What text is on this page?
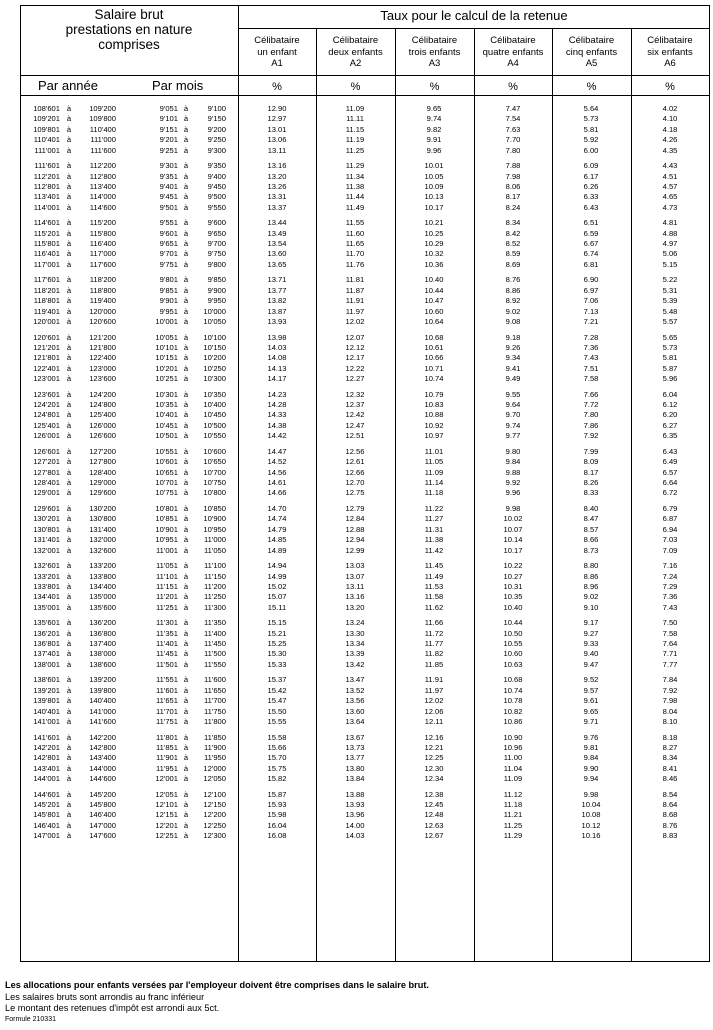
Salaire brut
prestations en nature
comprises
Taux pour le calcul de la retenue
Célibataire
un enfant
A1
Célibataire
deux enfants
A2
Célibataire
trois enfants
A3
Célibataire
quatre enfants
A4
Célibataire
cinq enfants
A5
Célibataire
six enfants
A6
Par année	Par mois	%	%	%	%	%	%
108'601 à	109'200	9'051 à	9'100	12.90	11.09	9.65	7.47	5.64	4.02
109'201 à	109'800	9'101 à	9'150	12.97	11.11	9.74	7.54	5.73	4.10
109'801 à	110'400	9'151 à	9'200	13.01	11.15	9.82	7.63	5.81	4.18
110'401 à	111'000	9'201 à	9'250	13.06	11.19	9.91	7.70	5.92	4.26
111'001 à	111'600	9'251 à	9'300	13.11	11.25	9.96	7.80	6.00	4.35
111'601 à	112'200	9'301 à	9'350	13.16	11.29	10.01	7.88	6.09	4.43
112'201 à	112'800	9'351 à	9'400	13.20	11.34	10.05	7.98	6.17	4.51
112'801 à	113'400	9'401 à	9'450	13.26	11.38	10.09	8.06	6.26	4.57
113'401 à	114'000	9'451 à	9'500	13.31	11.44	10.13	8.17	6.33	4.65
114'001 à	114'600	9'501 à	9'550	13.37	11.49	10.17	8.24	6.43	4.73
114'601 à	115'200	9'551 à	9'600	13.44	11.55	10.21	8.34	6.51	4.81
115'201 à	115'800	9'601 à	9'650	13.49	11.60	10.25	8.42	6.59	4.88
115'801 à	116'400	9'651 à	9'700	13.54	11.65	10.29	8.52	6.67	4.97
116'401 à	117'000	9'701 à	9'750	13.60	11.70	10.32	8.59	6.74	5.06
117'001 à	117'600	9'751 à	9'800	13.65	11.76	10.36	8.69	6.81	5.15
117'601 à	118'200	9'801 à	9'850	13.71	11.81	10.40	8.76	6.90	5.22
118'201 à	118'800	9'851 à	9'900	13.77	11.87	10.44	8.86	6.97	5.31
118'801 à	119'400	9'901 à	9'950	13.82	11.91	10.47	8.92	7.06	5.39
119'401 à	120'000	9'951 à	10'000	13.87	11.97	10.60	9.02	7.13	5.48
120'001 à	120'600	10'001 à	10'050	13.93	12.02	10.64	9.08	7.21	5.57
120'601 à	121'200	10'051 à	10'100	13.98	12.07	10.68	9.18	7.28	5.65
121'201 à	121'800	10'101 à	10'150	14.03	12.12	10.61	9.26	7.36	5.73
121'801 à	122'400	10'151 à	10'200	14.08	12.17	10.66	9.34	7.43	5.81
122'401 à	123'000	10'201 à	10'250	14.13	12.22	10.71	9.41	7.51	5.87
123'001 à	123'600	10'251 à	10'300	14.17	12.27	10.74	9.49	7.58	5.96
123'601 à	124'200	10'301 à	10'350	14.23	12.32	10.79	9.55	7.66	6.04
124'201 à	124'800	10'351 à	10'400	14.28	12.37	10.83	9.64	7.72	6.12
124'801 à	125'400	10'401 à	10'450	14.33	12.42	10.88	9.70	7.80	6.20
125'401 à	126'000	10'451 à	10'500	14.38	12.47	10.92	9.74	7.86	6.27
126'001 à	126'600	10'501 à	10'550	14.42	12.51	10.97	9.77	7.92	6.35
126'601 à	127'200	10'551 à	10'600	14.47	12.56	11.01	9.80	7.99	6.43
127'201 à	127'800	10'601 à	10'650	14.52	12.61	11.05	9.84	8.09	6.49
127'801 à	128'400	10'651 à	10'700	14.56	12.66	11.09	9.88	8.17	6.57
128'401 à	129'000	10'701 à	10'750	14.61	12.70	11.14	9.92	8.26	6.64
129'001 à	129'600	10'751 à	10'800	14.66	12.75	11.18	9.96	8.33	6.72
129'601 à	130'200	10'801 à	10'850	14.70	12.79	11.22	9.98	8.40	6.79
130'201 à	130'800	10'851 à	10'900	14.74	12.84	11.27	10.02	8.47	6.87
130'801 à	131'400	10'901 à	10'950	14.79	12.88	11.31	10.07	8.57	6.94
131'401 à	132'000	10'951 à	11'000	14.85	12.94	11.38	10.14	8.66	7.03
132'001 à	132'600	11'001 à	11'050	14.89	12.99	11.42	10.17	8.73	7.09
132'601 à	133'200	11'051 à	11'100	14.94	13.03	11.45	10.22	8.80	7.16
133'201 à	133'800	11'101 à	11'150	14.99	13.07	11.49	10.27	8.86	7.24
133'801 à	134'400	11'151 à	11'200	15.02	13.11	11.53	10.31	8.96	7.29
134'401 à	135'000	11'201 à	11'250	15.07	13.16	11.58	10.35	9.02	7.36
135'001 à	135'600	11'251 à	11'300	15.11	13.20	11.62	10.40	9.10	7.43
135'601 à	136'200	11'301 à	11'350	15.15	13.24	11.66	10.44	9.17	7.50
136'201 à	136'800	11'351 à	11'400	15.21	13.30	11.72	10.50	9.27	7.58
136'801 à	137'400	11'401 à	11'450	15.25	13.34	11.77	10.55	9.33	7.64
137'401 à	138'000	11'451 à	11'500	15.30	13.39	11.82	10.60	9.40	7.71
138'001 à	138'600	11'501 à	11'550	15.33	13.42	11.85	10.63	9.47	7.77
138'601 à	139'200	11'551 à	11'600	15.37	13.47	11.91	10.68	9.52	7.84
139'201 à	139'800	11'601 à	11'650	15.42	13.52	11.97	10.74	9.57	7.92
139'801 à	140'400	11'651 à	11'700	15.47	13.56	12.02	10.78	9.61	7.98
140'401 à	141'000	11'701 à	11'750	15.50	13.60	12.06	10.82	9.65	8.04
141'001 à	141'600	11'751 à	11'800	15.55	13.64	12.11	10.86	9.71	8.10
141'601 à	142'200	11'801 à	11'850	15.58	13.67	12.16	10.90	9.76	8.18
142'201 à	142'800	11'851 à	11'900	15.66	13.73	12.21	10.96	9.81	8.27
142'801 à	143'400	11'901 à	11'950	15.70	13.77	12.25	11.00	9.84	8.34
143'401 à	144'000	11'951 à	12'000	15.75	13.80	12.30	11.04	9.90	8.41
144'001 à	144'600	12'001 à	12'050	15.82	13.84	12.34	11.09	9.94	8.46
144'601 à	145'200	12'051 à	12'100	15.87	13.88	12.38	11.12	9.98	8.54
145'201 à	145'800	12'101 à	12'150	15.93	13.93	12.45	11.18	10.04	8.64
145'801 à	146'400	12'151 à	12'200	15.98	13.96	12.48	11.21	10.08	8.68
146'401 à	147'000	12'201 à	12'250	16.04	14.00	12.63	11.25	10.12	8.76
147'001 à	147'600	12'251 à	12'300	16.08	14.03	12.67	11.29	10.16	8.83
Les allocations pour enfants versées par l'employeur doivent être comprises dans le salaire brut.
Les salaires bruts sont arrondis au franc inférieur
Le montant des retenues d'impôt est arrondi aux 5ct.
Formule 210331
